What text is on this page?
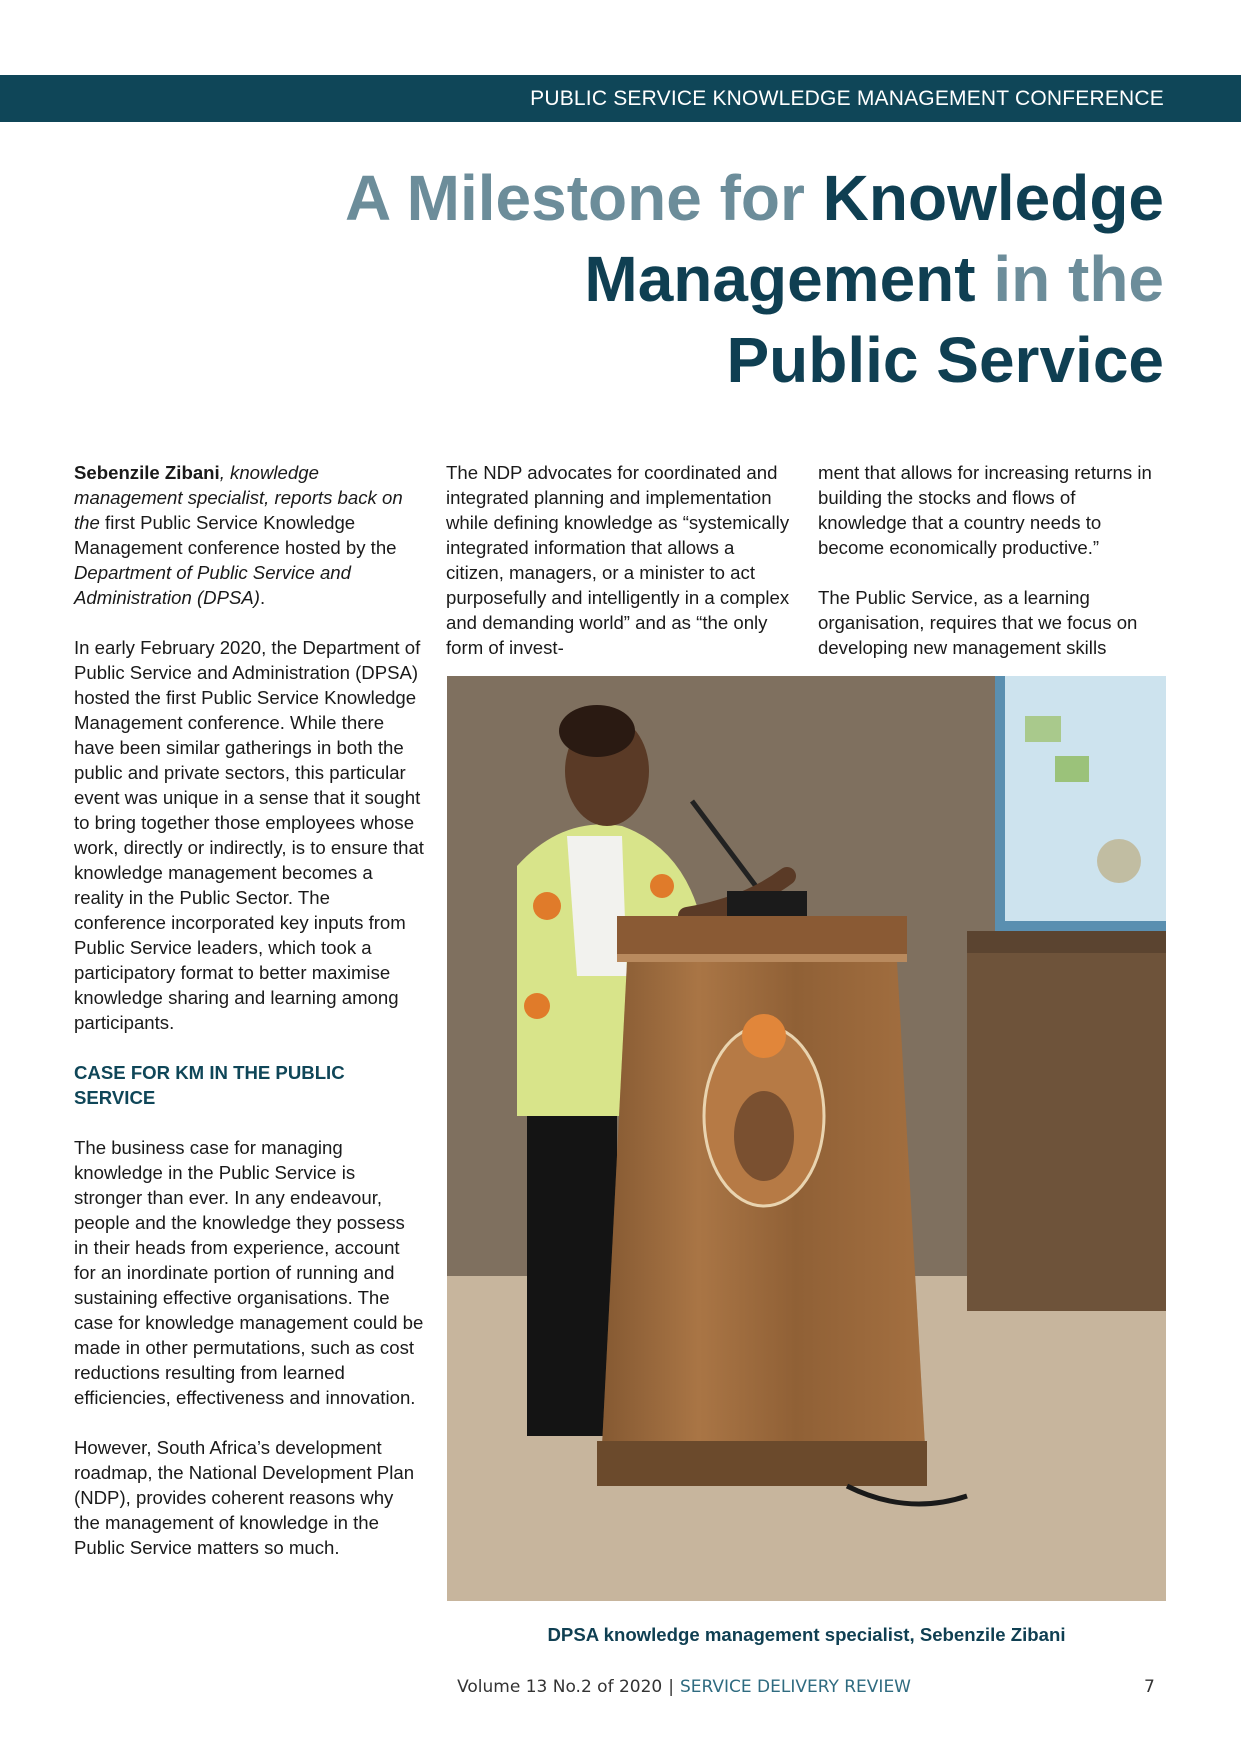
PUBLIC SERVICE KNOWLEDGE MANAGEMENT CONFERENCE
A Milestone for Knowledge
Management in the
Public Service

Sebenzile Zibani, knowledge management specialist, reports back on the first Public Service Knowledge Management conference hosted by the Department of Public Service and Administration (DPSA).

In early February 2020, the Department of Public Service and Administration (DPSA) hosted the first Public Service Knowledge Management conference. While there have been similar gatherings in both the public and private sectors, this particular event was unique in a sense that it sought to bring together those employees whose work, directly or indirectly, is to ensure that knowledge management becomes a reality in the Public Sector. The conference incorporated key inputs from Public Service leaders, which took a participatory format to better maximise knowledge sharing and learning among participants.

CASE FOR KM IN THE PUBLIC SERVICE

The business case for managing knowledge in the Public Service is stronger than ever. In any endeavour, people and the knowledge they possess in their heads from experience, account for an inordinate portion of running and sustaining effective organisations. The case for knowledge management could be made in other permutations, such as cost reductions resulting from learned efficiencies, effectiveness and innovation.

However, South Africa’s development roadmap, the National Development Plan (NDP), provides coherent reasons why the management of knowledge in the Public Service matters so much.

The NDP advocates for coordinated and integrated planning and implementation while defining knowledge as “systemically integrated information that allows a citizen, managers, or a minister to act purposefully and intelligently in a complex and demanding world” and as “the only form of invest-

ment that allows for increasing returns in building the stocks and flows of knowledge that a country needs to become economically productive.”

The Public Service, as a learning organisation, requires that we focus on developing new management skills

DPSA knowledge management specialist, Sebenzile Zibani
Volume 13 No.2 of 2020 | SERVICE DELIVERY REVIEW	7
